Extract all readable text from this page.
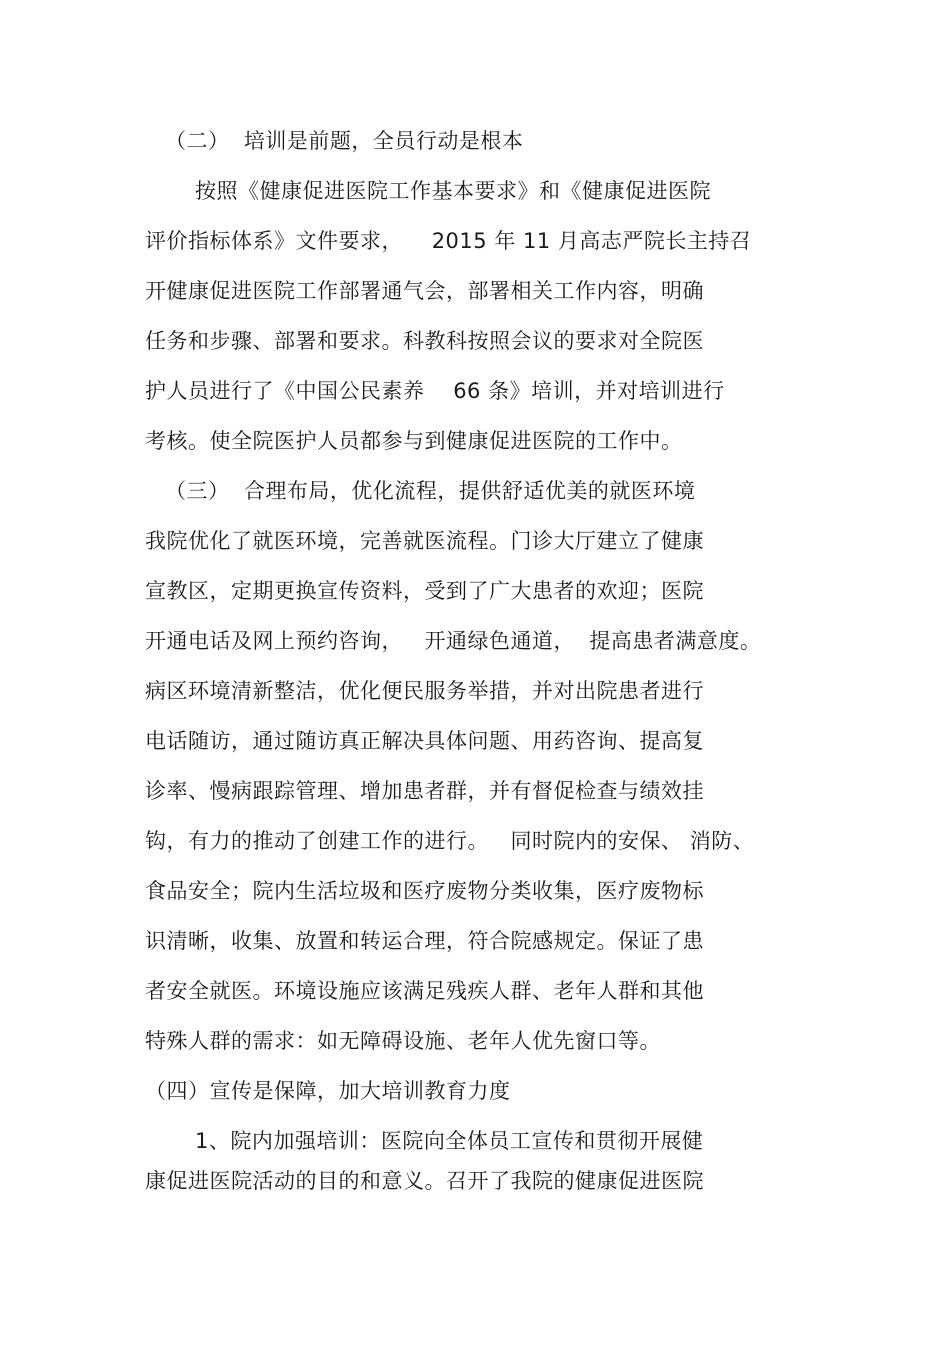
（二）  培训是前题，全员行动是根本
按照《健康促进医院工作基本要求》和《健康促进医院
评价指标体系》文件要求，    2015 年 11 月高志严院长主持召
开健康促进医院工作部署通气会，部署相关工作内容，明确
任务和步骤、部署和要求。科教科按照会议的要求对全院医
护人员进行了《中国公民素养    66 条》培训，并对培训进行
考核。使全院医护人员都参与到健康促进医院的工作中。
（三）  合理布局，优化流程，提供舒适优美的就医环境
我院优化了就医环境，完善就医流程。门诊大厅建立了健康
宣教区，定期更换宣传资料，受到了广大患者的欢迎；医院
开通电话及网上预约咨询，   开通绿色通道，  提高患者满意度。
病区环境清新整洁，优化便民服务举措，并对出院患者进行
电话随访，通过随访真正解决具体问题、用药咨询、提高复
诊率、慢病跟踪管理、增加患者群，并有督促检查与绩效挂
钩，有力的推动了创建工作的进行。   同时院内的安保、 消防、
食品安全；院内生活垃圾和医疗废物分类收集，医疗废物标
识清晰，收集、放置和转运合理，符合院感规定。保证了患
者安全就医。环境设施应该满足残疾人群、老年人群和其他
特殊人群的需求：如无障碍设施、老年人优先窗口等。
（四）宣传是保障，加大培训教育力度
1、院内加强培训：医院向全体员工宣传和贯彻开展健
康促进医院活动的目的和意义。召开了我院的健康促进医院
